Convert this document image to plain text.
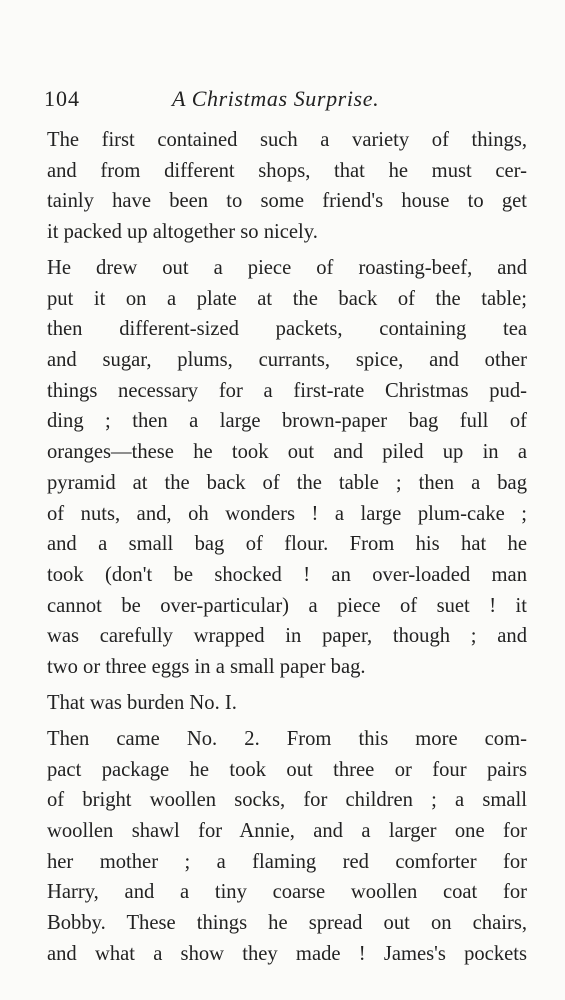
104	A Christmas Surprise.
The first contained such a variety of things,
and from different shops, that he must cer-
tainly have been to some friend's house to get
it packed up altogether so nicely.
He drew out a piece of roasting-beef, and
put it on a plate at the back of the table;
then different-sized packets, containing tea
and sugar, plums, currants, spice, and other
things necessary for a first-rate Christmas pud-
ding ; then a large brown-paper bag full of
oranges—these he took out and piled up in a
pyramid at the back of the table ; then a bag
of nuts, and, oh wonders ! a large plum-cake ;
and a small bag of flour. From his hat he
took (don't be shocked ! an over-loaded man
cannot be over-particular) a piece of suet ! it
was carefully wrapped in paper, though ; and
two or three eggs in a small paper bag.
That was burden No. I.
Then came No. 2. From this more com-
pact package he took out three or four pairs
of bright woollen socks, for children ; a small
woollen shawl for Annie, and a larger one for
her mother ; a flaming red comforter for
Harry, and a tiny coarse woollen coat for
Bobby. These things he spread out on chairs,
and what a show they made ! James's pockets
